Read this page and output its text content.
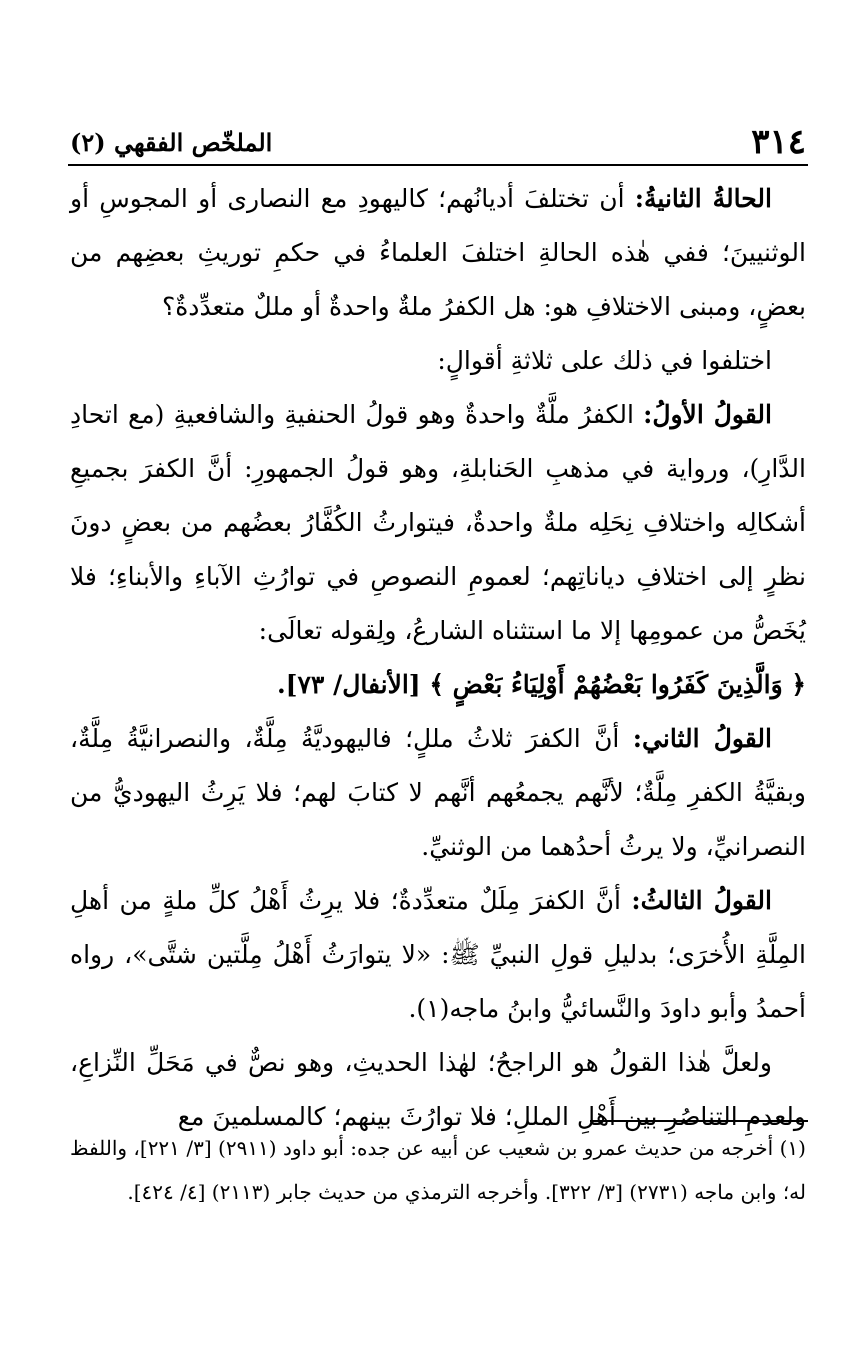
٣١٤
الملخّص الفقهي (٢)

الحالةُ الثانيةُ: أن تختلفَ أديانُهم؛ كاليهودِ مع النصارى أو المجوسِ أو الوثنيينَ؛ ففي هٰذه الحالةِ اختلفَ العلماءُ في حكمِ توريثِ بعضِهم من بعضٍ، ومبنى الاختلافِ هو: هل الكفرُ ملةٌ واحدةٌ أو مللٌ متعدِّدةٌ؟

اختلفوا في ذلك على ثلاثةِ أقوالٍ:

القولُ الأولُ: الكفرُ ملَّةٌ واحدةٌ وهو قولُ الحنفيةِ والشافعيةِ (مع اتحادِ الدَّارِ)، ورواية في مذهبِ الحَنابلةِ، وهو قولُ الجمهورِ: أنَّ الكفرَ بجميعِ أشكالِه واختلافِ نِحَلِه ملةٌ واحدةٌ، فيتوارثُ الكُفَّارُ بعضُهم من بعضٍ دونَ نظرٍ إلى اختلافِ دياناتِهم؛ لعمومِ النصوصِ في توارُثِ الآباءِ والأبناءِ؛ فلا يُخَصُّ من عمومِها إلا ما استثناه الشارعُ، ولِقوله تعالَى:

﴿ وَالَّذِينَ كَفَرُوا بَعْضُهُمْ أَوْلِيَاءُ بَعْضٍ ﴾ [الأنفال/ ٧٣].

القولُ الثاني: أنَّ الكفرَ ثلاثُ مللٍ؛ فاليهوديَّةُ مِلَّةٌ، والنصرانيَّةُ مِلَّةٌ، وبقيَّةُ الكفرِ مِلَّةٌ؛ لأنَّهم يجمعُهم أنَّهم لا كتابَ لهم؛ فلا يَرِثُ اليهوديُّ من النصرانيِّ، ولا يرثُ أحدُهما من الوثنيِّ.

القولُ الثالثُ: أنَّ الكفرَ مِلَلٌ متعدِّدةٌ؛ فلا يرِثُ أَهْلُ كلِّ ملةٍ من أهلِ المِلَّةِ الأُخرَى؛ بدليلِ قولِ النبيِّ ﷺ: «لا يتوارَثُ أَهْلُ مِلَّتين شتَّى»، رواه أحمدُ وأبو داودَ والنَّسائيُّ وابنُ ماجه(١).

ولعلَّ هٰذا القولُ هو الراجحُ؛ لهٰذا الحديثِ، وهو نصٌّ في مَحَلِّ النِّزاعِ، ولعدمِ التناصُرِ بين أَهْلِ المللِ؛ فلا توارُثَ بينهم؛ كالمسلمينَ مع

(١) أخرجه من حديث عمرو بن شعيب عن أبيه عن جده: أبو داود (٢٩١١) [٣/ ٢٢١]، واللفظ له؛ وابن ماجه (٢٧٣١) [٣/ ٣٢٢]. وأخرجه الترمذي من حديث جابر (٢١١٣) [٤/ ٤٢٤].
